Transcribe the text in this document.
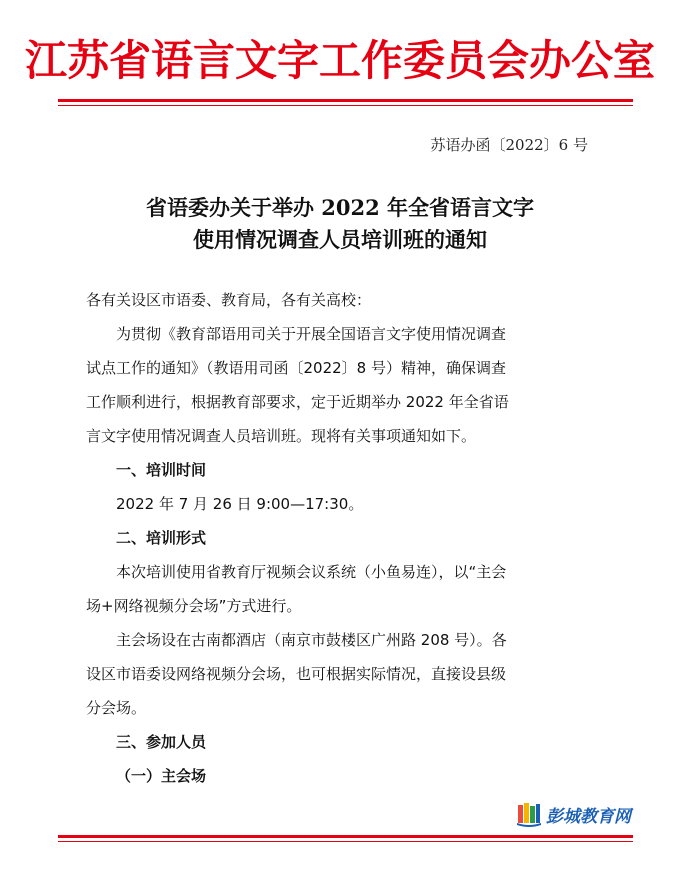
江苏省语言文字工作委员会办公室
苏语办函〔2022〕6 号
省语委办关于举办 2022 年全省语言文字
使用情况调查人员培训班的通知
各有关设区市语委、教育局，各有关高校：
为贯彻《教育部语用司关于开展全国语言文字使用情况调查
试点工作的通知》（教语用司函〔2022〕8 号）精神，确保调查
工作顺利进行，根据教育部要求，定于近期举办 2022 年全省语
言文字使用情况调查人员培训班。现将有关事项通知如下。
一、培训时间
2022 年 7 月 26 日 9:00—17:30。
二、培训形式
本次培训使用省教育厅视频会议系统（小鱼易连），以“主会
场+网络视频分会场”方式进行。
主会场设在古南都酒店（南京市鼓楼区广州路 208 号）。各
设区市语委设网络视频分会场，也可根据实际情况，直接设县级
分会场。
三、参加人员
（一）主会场
彭城教育网
